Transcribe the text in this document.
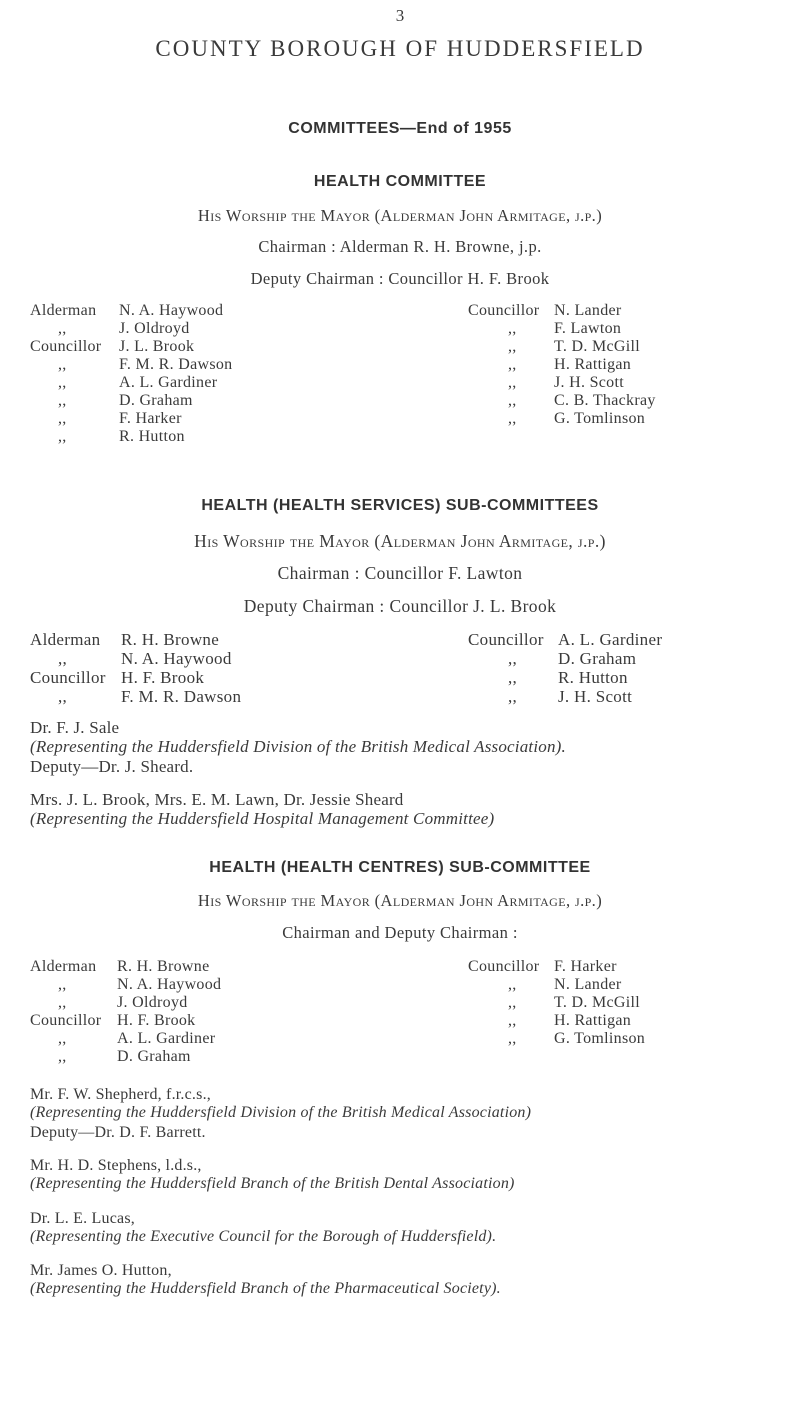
3
COUNTY BOROUGH OF HUDDERSFIELD
COMMITTEES—End of 1955
HEALTH COMMITTEE
His Worship the Mayor (Alderman John Armitage, j.p.)
Chairman : Alderman R. H. Browne, j.p.
Deputy Chairman : Councillor H. F. Brook
Alderman N. A. Haywood
,,	J. Oldroyd
Councillor J. L. Brook
,,	F. M. R. Dawson
,,	A. L. Gardiner
,,	D. Graham
,,	F. Harker
,,	R. Hutton
Councillor N. Lander
,, F. Lawton
,, T. D. McGill
,, H. Rattigan
,, J. H. Scott
,, C. B. Thackray
,, G. Tomlinson
HEALTH (HEALTH SERVICES) SUB-COMMITTEES
His Worship the Mayor (Alderman John Armitage, j.p.)
Chairman : Councillor F. Lawton
Deputy Chairman : Councillor J. L. Brook
Alderman R. H. Browne
,,	N. A. Haywood
Councillor H. F. Brook
,,	F. M. R. Dawson
Councillor A. L. Gardiner
,, D. Graham
,, R. Hutton
,, J. H. Scott
Dr. F. J. Sale
(Representing the Huddersfield Division of the British Medical Association).
Deputy—Dr. J. Sheard.
Mrs. J. L. Brook, Mrs. E. M. Lawn, Dr. Jessie Sheard
(Representing the Huddersfield Hospital Management Committee)
HEALTH (HEALTH CENTRES) SUB-COMMITTEE
His Worship the Mayor (Alderman John Armitage, j.p.)
Chairman and Deputy Chairman :
Alderman R. H. Browne
,,	N. A. Haywood
,,	J. Oldroyd
Councillor H. F. Brook
,,	A. L. Gardiner
,,	D. Graham
Councillor F. Harker
,, N. Lander
,, T. D. McGill
,, H. Rattigan
,, G. Tomlinson
Mr. F. W. Shepherd, f.r.c.s.,
(Representing the Huddersfield Division of the British Medical Association)
Deputy—Dr. D. F. Barrett.
Mr. H. D. Stephens, l.d.s.,
(Representing the Huddersfield Branch of the British Dental Association)
Dr. L. E. Lucas,
(Representing the Executive Council for the Borough of Huddersfield).
Mr. James O. Hutton,
(Representing the Huddersfield Branch of the Pharmaceutical Society).
